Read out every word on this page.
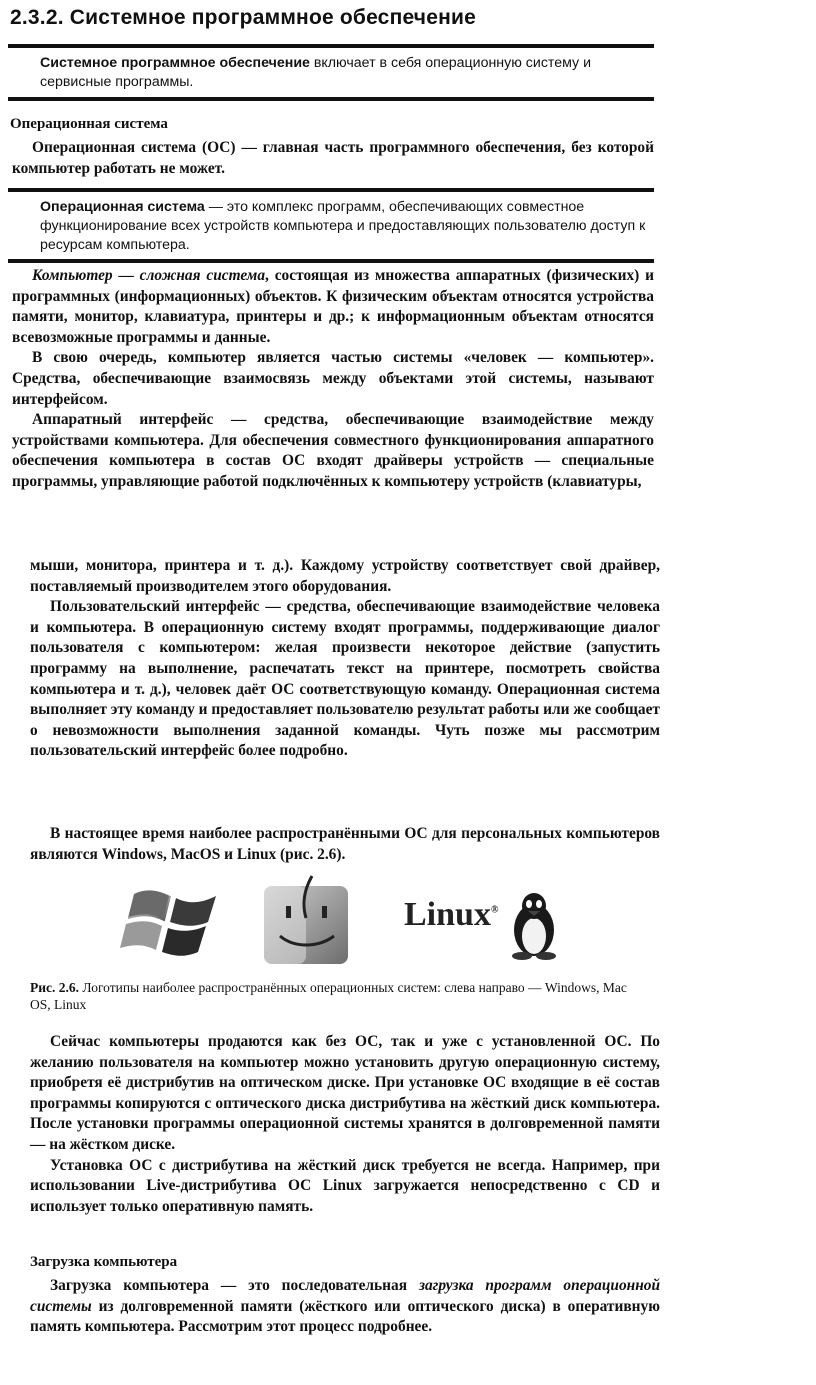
2.3.2. Системное программное обеспечение
Системное программное обеспечение включает в себя операционную систему и сервисные программы.
Операционная система
Операционная система (ОС) — главная часть программного обеспечения, без которой компьютер работать не может.
Операционная система — это комплекс программ, обеспечивающих совместное функционирование всех устройств компьютера и предоставляющих пользователю доступ к ресурсам компьютера.
Компьютер — сложная система, состоящая из множества аппаратных (физических) и программных (информационных) объектов. К физическим объектам относятся устройства памяти, монитор, клавиатура, принтеры и др.; к информационным объектам относятся всевозможные программы и данные.
В свою очередь, компьютер является частью системы «человек — компьютер». Средства, обеспечивающие взаимосвязь между объектами этой системы, называют интерфейсом.
Аппаратный интерфейс — средства, обеспечивающие взаимодействие между устройствами компьютера. Для обеспечения совместного функционирования аппаратного обеспечения компьютера в состав ОС входят драйверы устройств — специальные программы, управляющие работой подключённых к компьютеру устройств (клавиатуры,
мыши, монитора, принтера и т. д.). Каждому устройству соответствует свой драйвер, поставляемый производителем этого оборудования.
Пользовательский интерфейс — средства, обеспечивающие взаимодействие человека и компьютера. В операционную систему входят программы, поддерживающие диалог пользователя с компьютером: желая произвести некоторое действие (запустить программу на выполнение, распечатать текст на принтере, посмотреть свойства компьютера и т. д.), человек даёт ОС соответствующую команду. Операционная система выполняет эту команду и предоставляет пользователю результат работы или же сообщает о невозможности выполнения заданной команды. Чуть позже мы рассмотрим пользовательский интерфейс более подробно.
В настоящее время наиболее распространёнными ОС для персональных компьютеров являются Windows, MacOS и Linux (рис. 2.6).
Linux®
Рис. 2.6. Логотипы наиболее распространённых операционных систем: слева направо — Windows, Mac OS, Linux
Сейчас компьютеры продаются как без ОС, так и уже с установленной ОС. По желанию пользователя на компьютер можно установить другую операционную систему, приобретя её дистрибутив на оптическом диске. При установке ОС входящие в её состав программы копируются с оптического диска дистрибутива на жёсткий диск компьютера. После установки программы операционной системы хранятся в долговременной памяти — на жёстком диске.
Установка ОС с дистрибутива на жёсткий диск требуется не всегда. Например, при использовании Live-дистрибутива ОС Linux загружается непосредственно с CD и использует только оперативную память.
Загрузка компьютера
Загрузка компьютера — это последовательная загрузка программ операционной системы из долговременной памяти (жёсткого или оптического диска) в оперативную память компьютера. Рассмотрим этот процесс подробнее.
